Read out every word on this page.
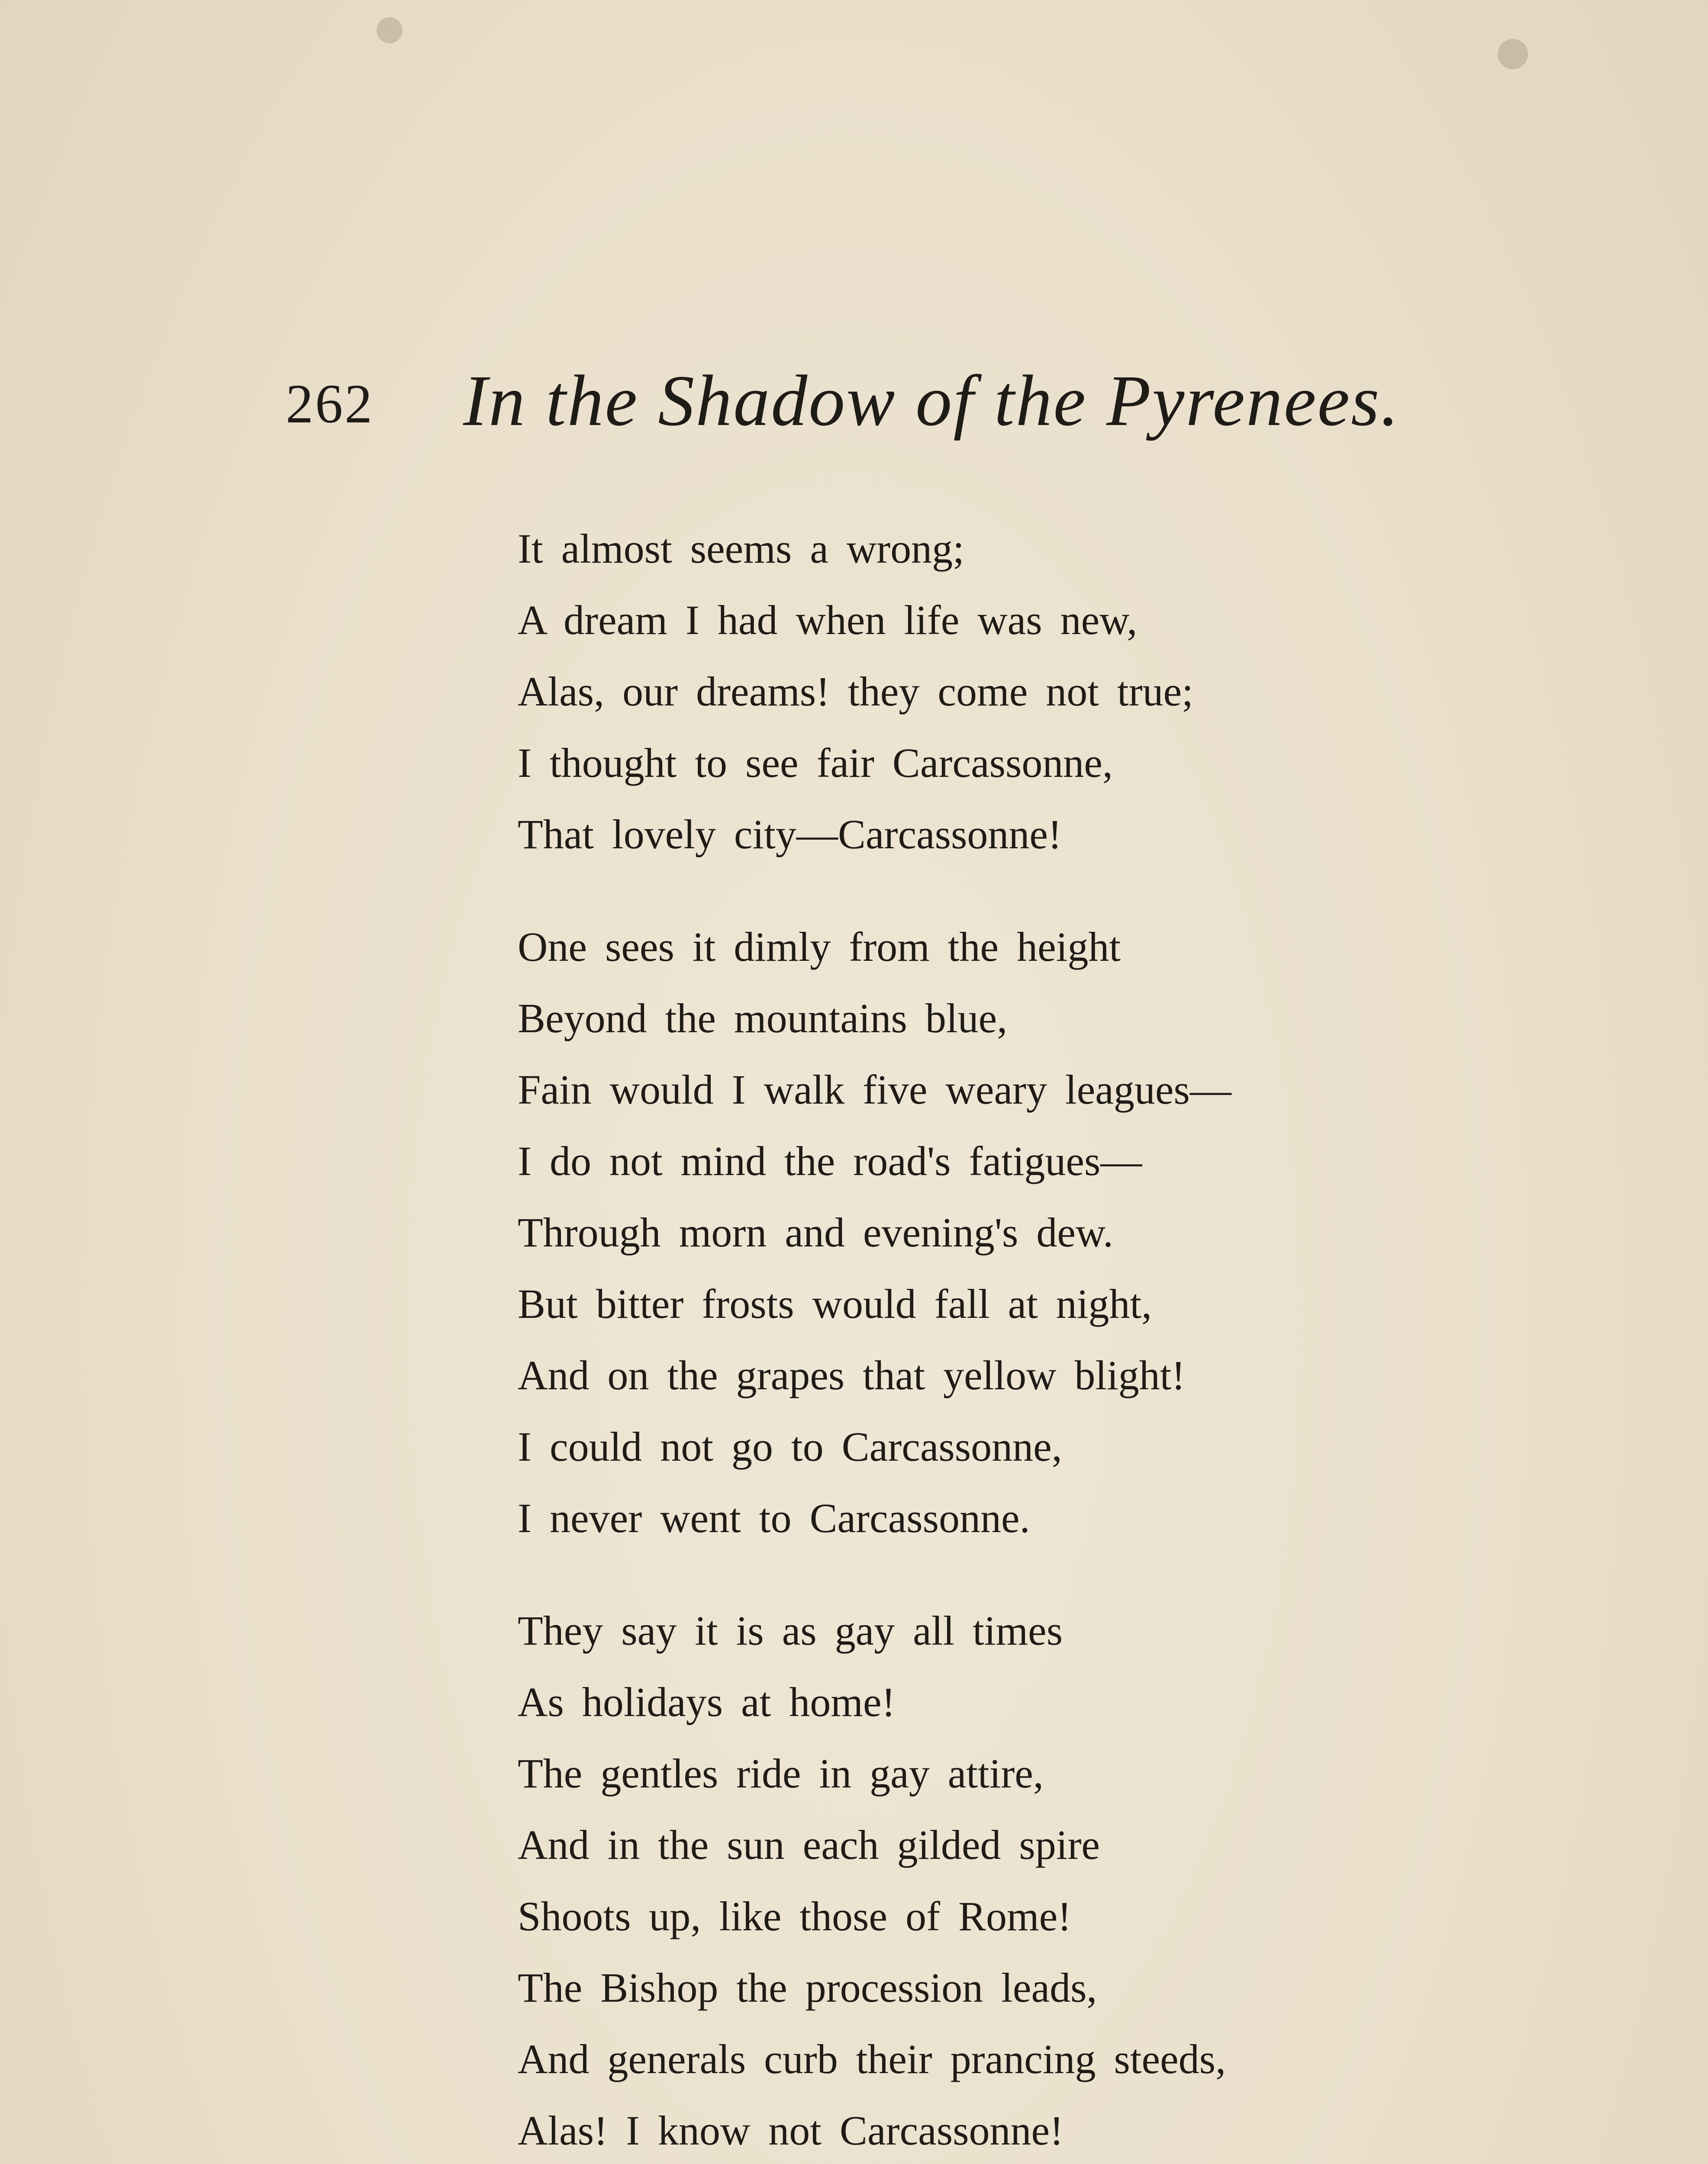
262 In the Shadow of the Pyrenees.
It almost seems a wrong;
A dream I had when life was new,
Alas, our dreams! they come not true;
I thought to see fair Carcassonne,
That lovely city—Carcassonne!
One sees it dimly from the height
Beyond the mountains blue,
Fain would I walk five weary leagues—
I do not mind the road's fatigues—
Through morn and evening's dew.
But bitter frosts would fall at night,
And on the grapes that yellow blight!
I could not go to Carcassonne,
I never went to Carcassonne.
They say it is as gay all times
As holidays at home!
The gentles ride in gay attire,
And in the sun each gilded spire
Shoots up, like those of Rome!
The Bishop the procession leads,
And generals curb their prancing steeds,
Alas! I know not Carcassonne!
